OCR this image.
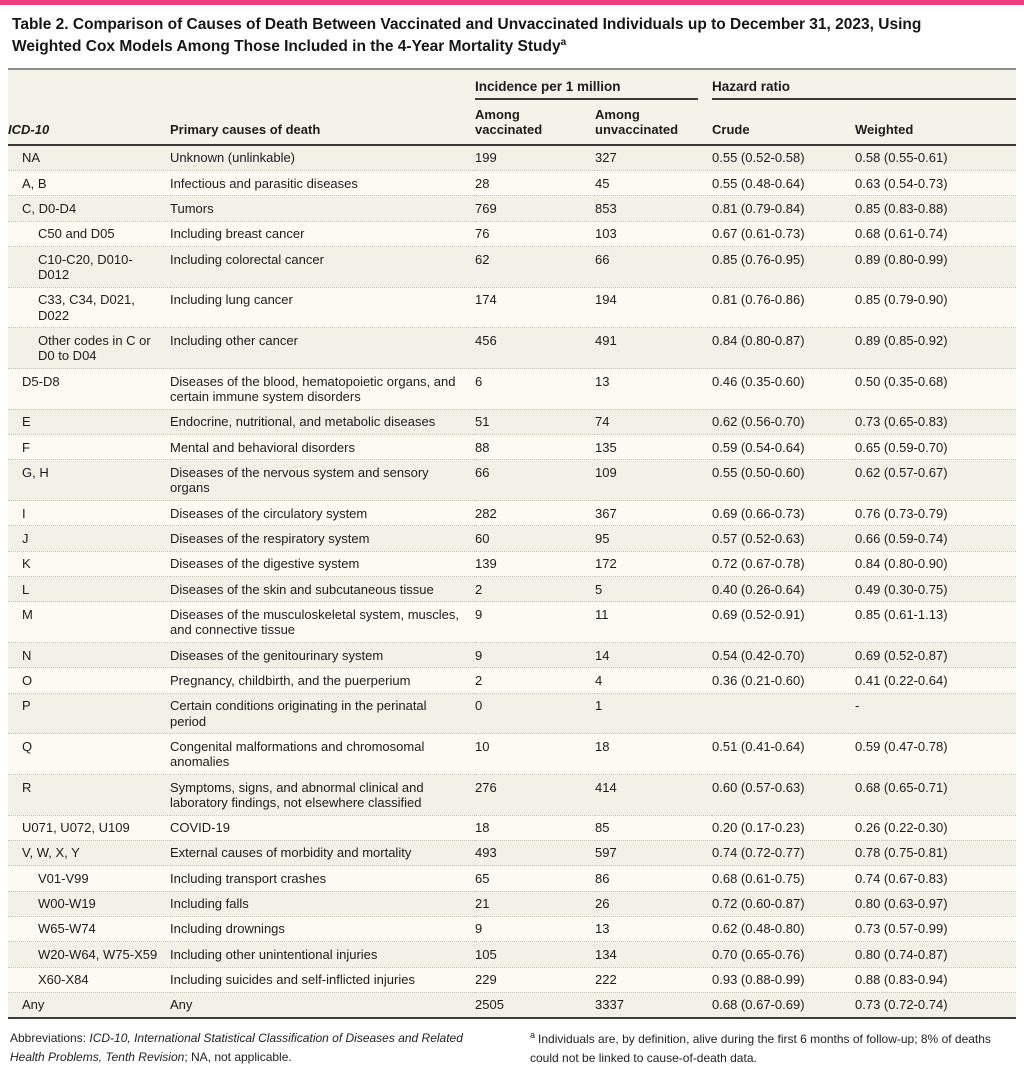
Table 2. Comparison of Causes of Death Between Vaccinated and Unvaccinated Individuals up to December 31, 2023, Using Weighted Cox Models Among Those Included in the 4-Year Mortality Study$^a$

		Incidence per 1 million		Hazard ratio	

ICD-10	Primary causes of death	Among vaccinated	Among unvaccinated	Crude	Weighted
NA	Unknown (unlinkable)	199	327	0.55 (0.52-0.58)	0.58 (0.55-0.61)
A, B	Infectious and parasitic diseases	28	45	0.55 (0.48-0.64)	0.63 (0.54-0.73)
C, D0-D4	Tumors	769	853	0.81 (0.79-0.84)	0.85 (0.83-0.88)
C50 and D05	Including breast cancer	76	103	0.67 (0.61-0.73)	0.68 (0.61-0.74)
C10-C20, D010-D012	Including colorectal cancer	62	66	0.85 (0.76-0.95)	0.89 (0.80-0.99)
C33, C34, D021, D022	Including lung cancer	174	194	0.81 (0.76-0.86)	0.85 (0.79-0.90)
Other codes in C or D0 to D04	Including other cancer	456	491	0.84 (0.80-0.87)	0.89 (0.85-0.92)
D5-D8	Diseases of the blood, hematopoietic organs, and certain immune system disorders	6	13	0.46 (0.35-0.60)	0.50 (0.35-0.68)
E	Endocrine, nutritional, and metabolic diseases	51	74	0.62 (0.56-0.70)	0.73 (0.65-0.83)
F	Mental and behavioral disorders	88	135	0.59 (0.54-0.64)	0.65 (0.59-0.70)
G, H	Diseases of the nervous system and sensory organs	66	109	0.55 (0.50-0.60)	0.62 (0.57-0.67)
I	Diseases of the circulatory system	282	367	0.69 (0.66-0.73)	0.76 (0.73-0.79)
J	Diseases of the respiratory system	60	95	0.57 (0.52-0.63)	0.66 (0.59-0.74)
K	Diseases of the digestive system	139	172	0.72 (0.67-0.78)	0.84 (0.80-0.90)
L	Diseases of the skin and subcutaneous tissue	2	5	0.40 (0.26-0.64)	0.49 (0.30-0.75)
M	Diseases of the musculoskeletal system, muscles, and connective tissue	9	11	0.69 (0.52-0.91)	0.85 (0.61-1.13)
N	Diseases of the genitourinary system	9	14	0.54 (0.42-0.70)	0.69 (0.52-0.87)
O	Pregnancy, childbirth, and the puerperium	2	4	0.36 (0.21-0.60)	0.41 (0.22-0.64)
P	Certain conditions originating in the perinatal period	0	1		-
Q	Congenital malformations and chromosomal anomalies	10	18	0.51 (0.41-0.64)	0.59 (0.47-0.78)
R	Symptoms, signs, and abnormal clinical and laboratory findings, not elsewhere classified	276	414	0.60 (0.57-0.63)	0.68 (0.65-0.71)
U071, U072, U109	COVID-19	18	85	0.20 (0.17-0.23)	0.26 (0.22-0.30)
V, W, X, Y	External causes of morbidity and mortality	493	597	0.74 (0.72-0.77)	0.78 (0.75-0.81)
V01-V99	Including transport crashes	65	86	0.68 (0.61-0.75)	0.74 (0.67-0.83)
W00-W19	Including falls	21	26	0.72 (0.60-0.87)	0.80 (0.63-0.97)
W65-W74	Including drownings	9	13	0.62 (0.48-0.80)	0.73 (0.57-0.99)
W20-W64, W75-X59	Including other unintentional injuries	105	134	0.70 (0.65-0.76)	0.80 (0.74-0.87)
X60-X84	Including suicides and self-inflicted injuries	229	222	0.93 (0.88-0.99)	0.88 (0.83-0.94)
Any	Any	2505	3337	0.68 (0.67-0.69)	0.73 (0.72-0.74)
Abbreviations: ICD-10, International Statistical Classification of Diseases and Related Health Problems, Tenth Revision; NA, not applicable.
$^a$ Individuals are, by definition, alive during the first 6 months of follow-up; 8% of deaths could not be linked to cause-of-death data.
